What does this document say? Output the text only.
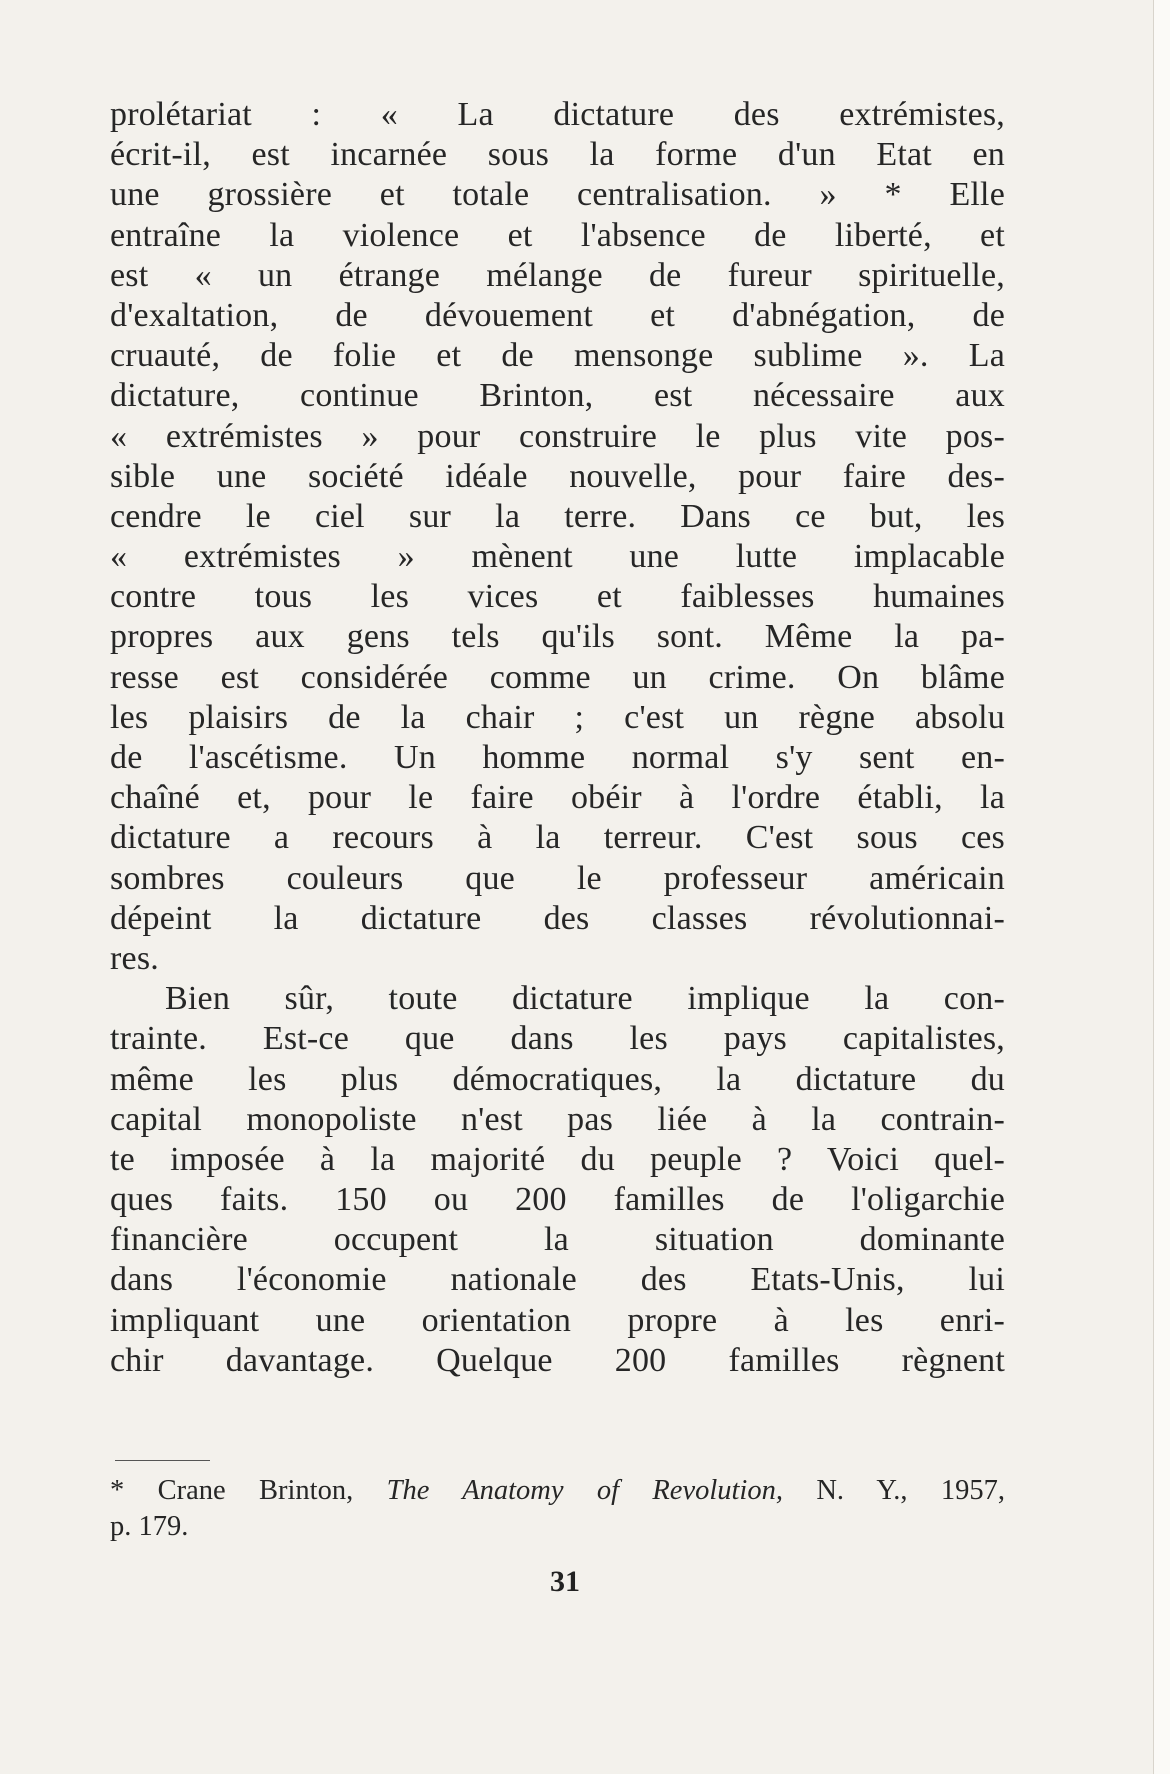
prolétariat : « La dictature des extrémistes,
écrit-il, est incarnée sous la forme d'un Etat en
une grossière et totale centralisation. » * Elle
entraîne la violence et l'absence de liberté, et
est « un étrange mélange de fureur spirituelle,
d'exaltation, de dévouement et d'abnégation, de
cruauté, de folie et de mensonge sublime ». La
dictature, continue Brinton, est nécessaire aux
« extrémistes » pour construire le plus vite pos-
sible une société idéale nouvelle, pour faire des-
cendre le ciel sur la terre. Dans ce but, les
« extrémistes » mènent une lutte implacable
contre tous les vices et faiblesses humaines
propres aux gens tels qu'ils sont. Même la pa-
resse est considérée comme un crime. On blâme
les plaisirs de la chair ; c'est un règne absolu
de l'ascétisme. Un homme normal s'y sent en-
chaîné et, pour le faire obéir à l'ordre établi, la
dictature a recours à la terreur. C'est sous ces
sombres couleurs que le professeur américain
dépeint la dictature des classes révolutionnai-
res.
Bien sûr, toute dictature implique la con-
trainte. Est-ce que dans les pays capitalistes,
même les plus démocratiques, la dictature du
capital monopoliste n'est pas liée à la contrain-
te imposée à la majorité du peuple ? Voici quel-
ques faits. 150 ou 200 familles de l'oligarchie
financière occupent la situation dominante
dans l'économie nationale des Etats-Unis, lui
impliquant une orientation propre à les enri-
chir davantage. Quelque 200 familles règnent
* Crane Brinton, The Anatomy of Revolution, N. Y., 1957,
p. 179.
31
